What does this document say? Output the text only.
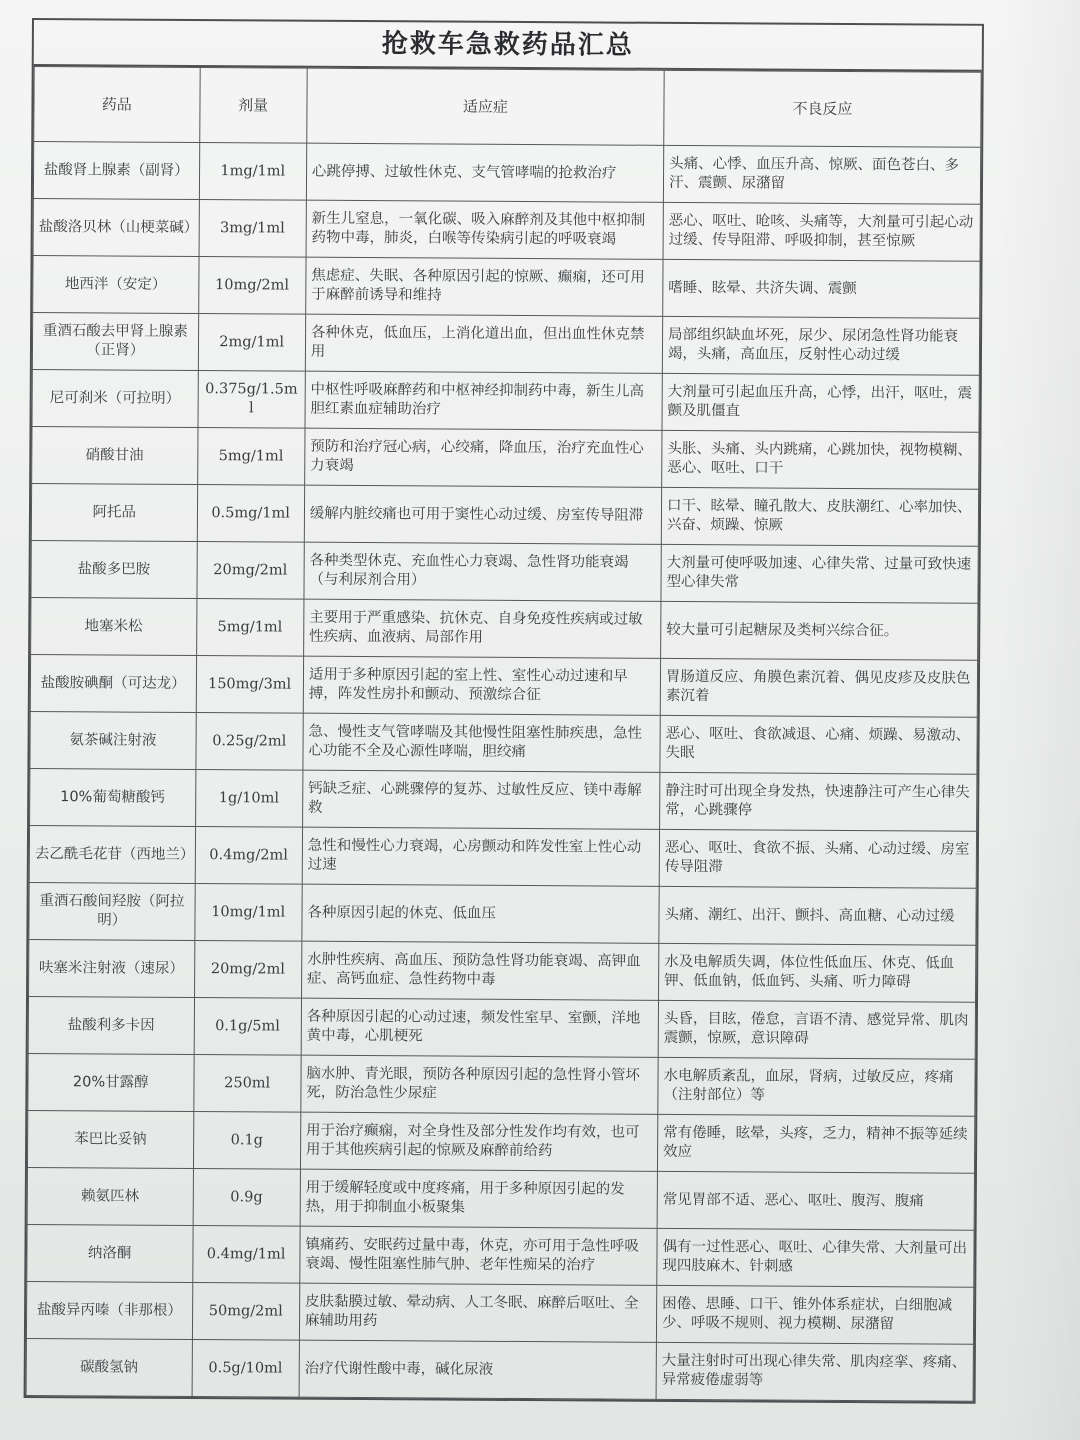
抢救车急救药品汇总
药品	剂量	适应症	不良反应
盐酸肾上腺素（副肾）	1mg/1ml	心跳停搏、过敏性休克、支气管哮喘的抢救治疗	头痛、心悸、血压升高、惊厥、面色苍白、多汗、震颤、尿潴留
盐酸洛贝林（山梗菜碱）	3mg/1ml	新生儿窒息，一氧化碳、吸入麻醉剂及其他中枢抑制药物中毒，肺炎，白喉等传染病引起的呼吸衰竭	恶心、呕吐、呛咳、头痛等，大剂量可引起心动过缓、传导阻滞、呼吸抑制，甚至惊厥
地西泮（安定）	10mg/2ml	焦虑症、失眠、各种原因引起的惊厥、癫痫，还可用于麻醉前诱导和维持	嗜睡、眩晕、共济失调、震颤
重酒石酸去甲肾上腺素（正肾）	2mg/1ml	各种休克，低血压，上消化道出血，但出血性休克禁用	局部组织缺血坏死，尿少、尿闭急性肾功能衰竭，头痛，高血压，反射性心动过缓
尼可刹米（可拉明）	0.375g/1.5ml	中枢性呼吸麻醉药和中枢神经抑制药中毒，新生儿高胆红素血症辅助治疗	大剂量可引起血压升高，心悸，出汗，呕吐，震颤及肌僵直
硝酸甘油	5mg/1ml	预防和治疗冠心病，心绞痛，降血压，治疗充血性心力衰竭	头胀、头痛、头内跳痛，心跳加快，视物模糊、恶心、呕吐、口干
阿托品	0.5mg/1ml	缓解内脏绞痛也可用于窦性心动过缓、房室传导阻滞	口干、眩晕、瞳孔散大、皮肤潮红、心率加快、兴奋、烦躁、惊厥
盐酸多巴胺	20mg/2ml	各种类型休克、充血性心力衰竭、急性肾功能衰竭（与利尿剂合用）	大剂量可使呼吸加速、心律失常、过量可致快速型心律失常
地塞米松	5mg/1ml	主要用于严重感染、抗休克、自身免疫性疾病或过敏性疾病、血液病、局部作用	较大量可引起糖尿及类柯兴综合征。
盐酸胺碘酮（可达龙）	150mg/3ml	适用于多种原因引起的室上性、室性心动过速和早搏，阵发性房扑和颤动、预激综合征	胃肠道反应、角膜色素沉着、偶见皮疹及皮肤色素沉着
氨茶碱注射液	0.25g/2ml	急、慢性支气管哮喘及其他慢性阻塞性肺疾患，急性心功能不全及心源性哮喘，胆绞痛	恶心、呕吐、食欲减退、心痛、烦躁、易激动、失眠
10%葡萄糖酸钙	1g/10ml	钙缺乏症、心跳骤停的复苏、过敏性反应、镁中毒解救	静注时可出现全身发热，快速静注可产生心律失常，心跳骤停
去乙酰毛花苷（西地兰）	0.4mg/2ml	急性和慢性心力衰竭，心房颤动和阵发性室上性心动过速	恶心、呕吐、食欲不振、头痛、心动过缓、房室传导阻滞
重酒石酸间羟胺（阿拉明）	10mg/1ml	各种原因引起的休克、低血压	头痛、潮红、出汗、颤抖、高血糖、心动过缓
呋塞米注射液（速尿）	20mg/2ml	水肿性疾病、高血压、预防急性肾功能衰竭、高钾血症、高钙血症、急性药物中毒	水及电解质失调，体位性低血压、休克、低血钾、低血钠，低血钙、头痛、听力障碍
盐酸利多卡因	0.1g/5ml	各种原因引起的心动过速，频发性室早、室颤，洋地黄中毒，心肌梗死	头昏，目眩，倦怠，言语不清、感觉异常、肌肉震颤，惊厥，意识障碍
20%甘露醇	250ml	脑水肿、青光眼，预防各种原因引起的急性肾小管坏死，防治急性少尿症	水电解质紊乱，血尿，肾病，过敏反应，疼痛（注射部位）等
苯巴比妥钠	0.1g	用于治疗癫痫，对全身性及部分性发作均有效，也可用于其他疾病引起的惊厥及麻醉前给药	常有倦睡，眩晕，头疼，乏力，精神不振等延续效应
赖氨匹林	0.9g	用于缓解轻度或中度疼痛，用于多种原因引起的发热，用于抑制血小板聚集	常见胃部不适、恶心、呕吐、腹泻、腹痛
纳洛酮	0.4mg/1ml	镇痛药、安眠药过量中毒，休克，亦可用于急性呼吸衰竭、慢性阻塞性肺气肿、老年性痴呆的治疗	偶有一过性恶心、呕吐、心律失常、大剂量可出现四肢麻木、针刺感
盐酸异丙嗪（非那根）	50mg/2ml	皮肤黏膜过敏、晕动病、人工冬眠、麻醉后呕吐、全麻辅助用药	困倦、思睡、口干、锥外体系症状，白细胞减少、呼吸不规则、视力模糊、尿潴留
碳酸氢钠	0.5g/10ml	治疗代谢性酸中毒，碱化尿液	大量注射时可出现心律失常、肌肉痉挛、疼痛、异常疲倦虚弱等
